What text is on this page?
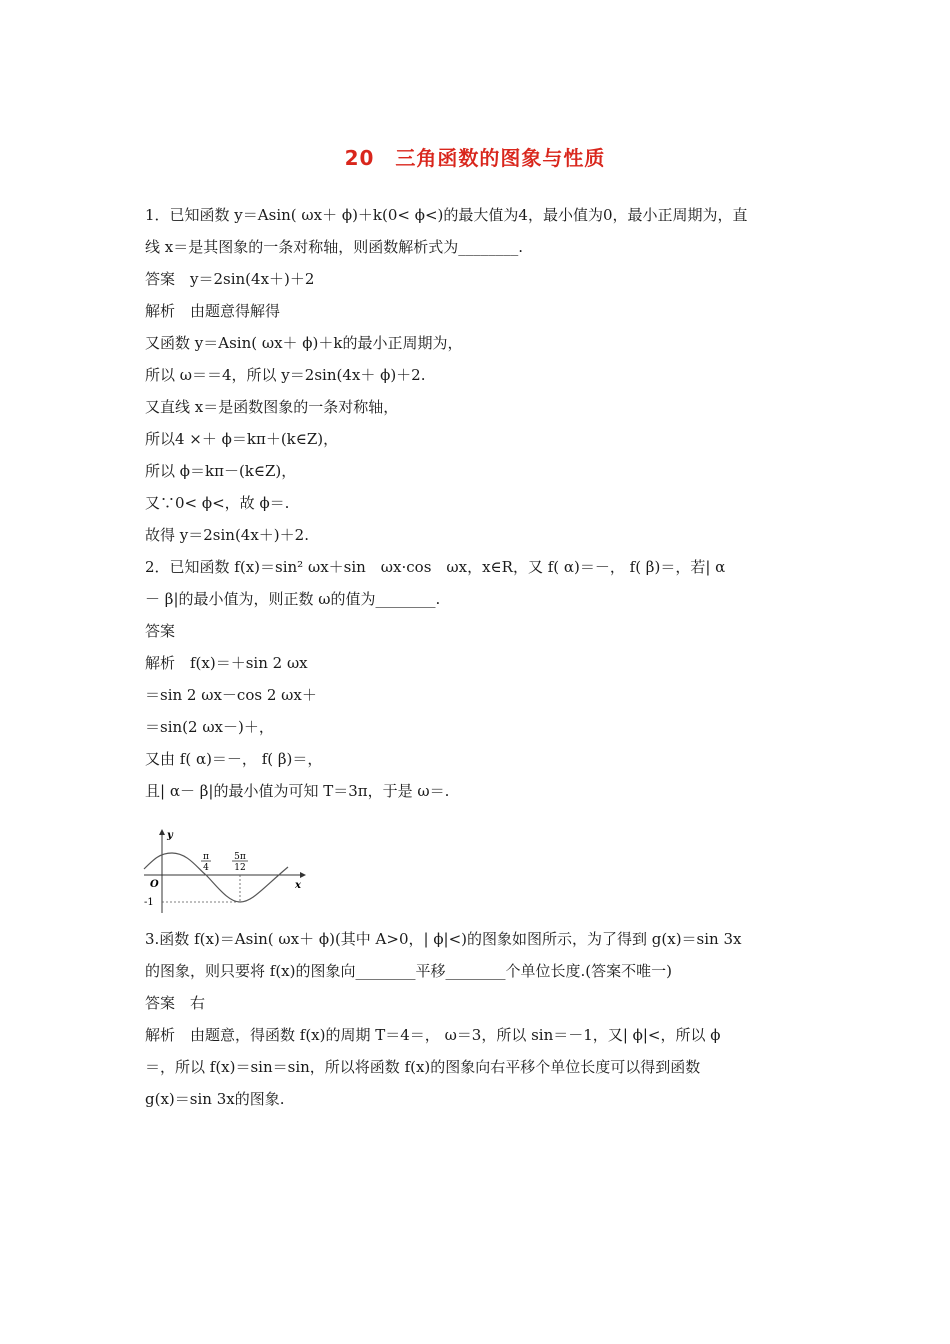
20　三角函数的图象与性质
1．已知函数 y＝Asin( ωx＋ ϕ)＋k(0< ϕ<)的最大值为4，最小值为0，最小正周期为，直
线 x＝是其图象的一条对称轴，则函数解析式为________.
答案　y＝2sin(4x＋)＋2
解析　由题意得解得
又函数 y＝Asin( ωx＋ ϕ)＋k的最小正周期为，
所以 ω＝＝4，所以 y＝2sin(4x＋ ϕ)＋2.
又直线 x＝是函数图象的一条对称轴，
所以4 ×＋ ϕ＝kπ＋(k∈Z)，
所以 ϕ＝kπ－(k∈Z)，
又∵0< ϕ<，故 ϕ＝.
故得 y＝2sin(4x＋)＋2.
2．已知函数 f(x)＝sin² ωx＋sin　ωx·cos　ωx，x∈R，又 f( α)＝－， f( β)＝，若| α
－ β|的最小值为，则正数 ω的值为________.
答案
解析　f(x)＝＋sin 2 ωx
＝sin 2 ωx－cos 2 ωx＋
＝sin(2 ωx－)＋，
又由 f( α)＝－， f( β)＝，
且| α－ β|的最小值为可知 T＝3π，于是 ω＝.
y
x
O
-1
π
4
5π
12
3.函数 f(x)＝Asin( ωx＋ ϕ)(其中 A>0，| ϕ|<)的图象如图所示，为了得到 g(x)＝sin 3x
的图象，则只要将 f(x)的图象向________平移________个单位长度.(答案不唯一)
答案　右
解析　由题意，得函数 f(x)的周期 T＝4＝， ω＝3，所以 sin＝－1，又| ϕ|<，所以 ϕ
＝，所以 f(x)＝sin＝sin，所以将函数 f(x)的图象向右平移个单位长度可以得到函数
g(x)＝sin 3x的图象.
